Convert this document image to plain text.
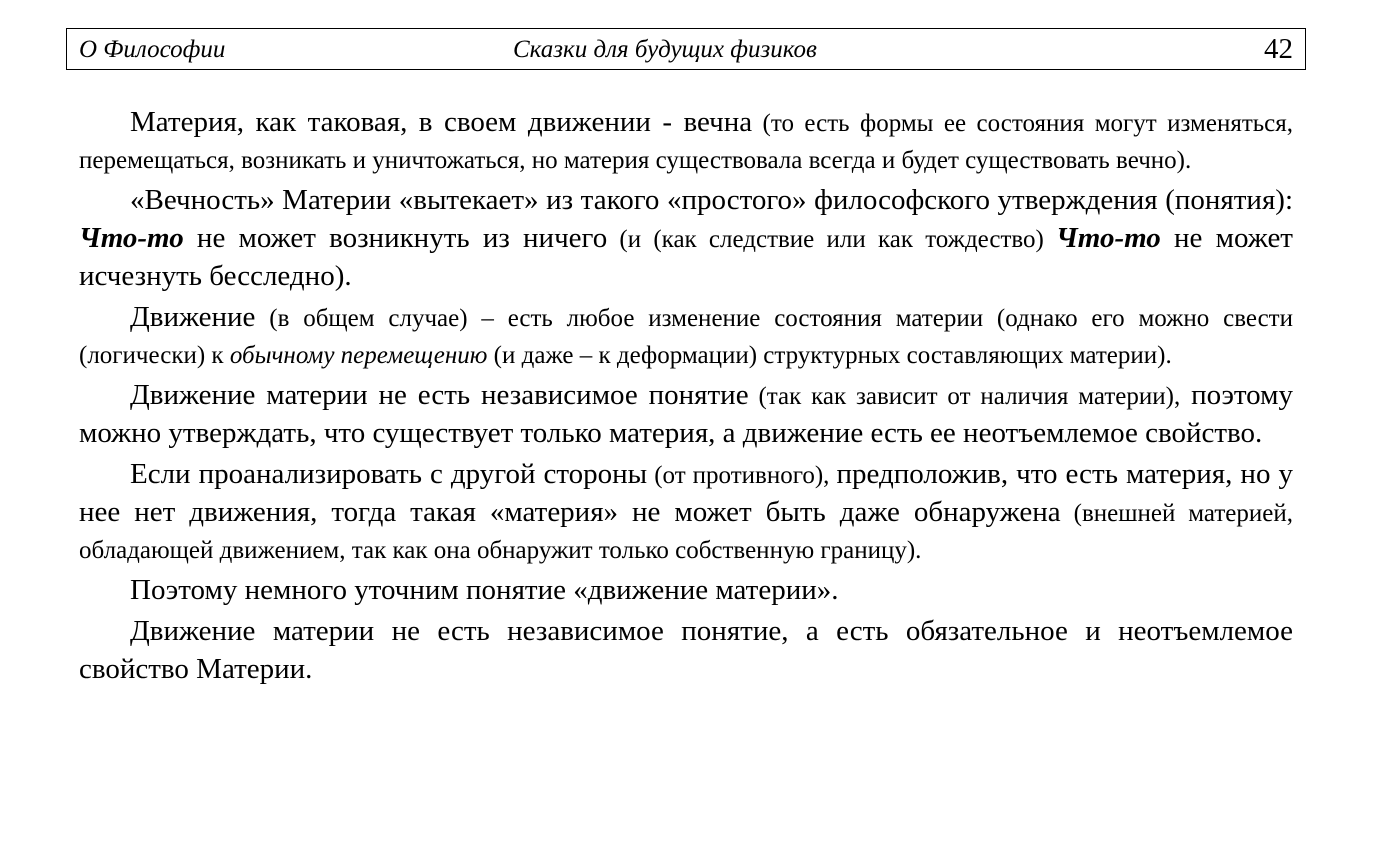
О Философии	Сказки для будущих физиков	42

Материя, как таковая, в своем движении - вечна (то есть формы ее состояния могут изменяться, перемещаться, возникать и уничтожаться, но материя существовала всегда и будет существовать вечно).

«Вечность» Материи «вытекает» из такого «простого» философского утверждения (понятия): Что-то не может возникнуть из ничего (и (как следствие или как тождество) Что-то не может исчезнуть бесследно).

Движение (в общем случае) – есть любое изменение состояния материи (однако его можно свести (логически) к обычному перемещению (и даже – к деформации) структурных составляющих материи).

Движение материи не есть независимое понятие (так как зависит от наличия материи), поэтому можно утверждать, что существует только материя, а движение есть ее неотъемлемое свойство.

Если проанализировать с другой стороны (от противного), предположив, что есть материя, но у нее нет движения, тогда такая «материя» не может быть даже обнаружена (внешней материей, обладающей движением, так как она обнаружит только собственную границу).

Поэтому немного уточним понятие «движение материи».

Движение материи не есть независимое понятие, а есть обязательное и неотъемлемое свойство Материи.
